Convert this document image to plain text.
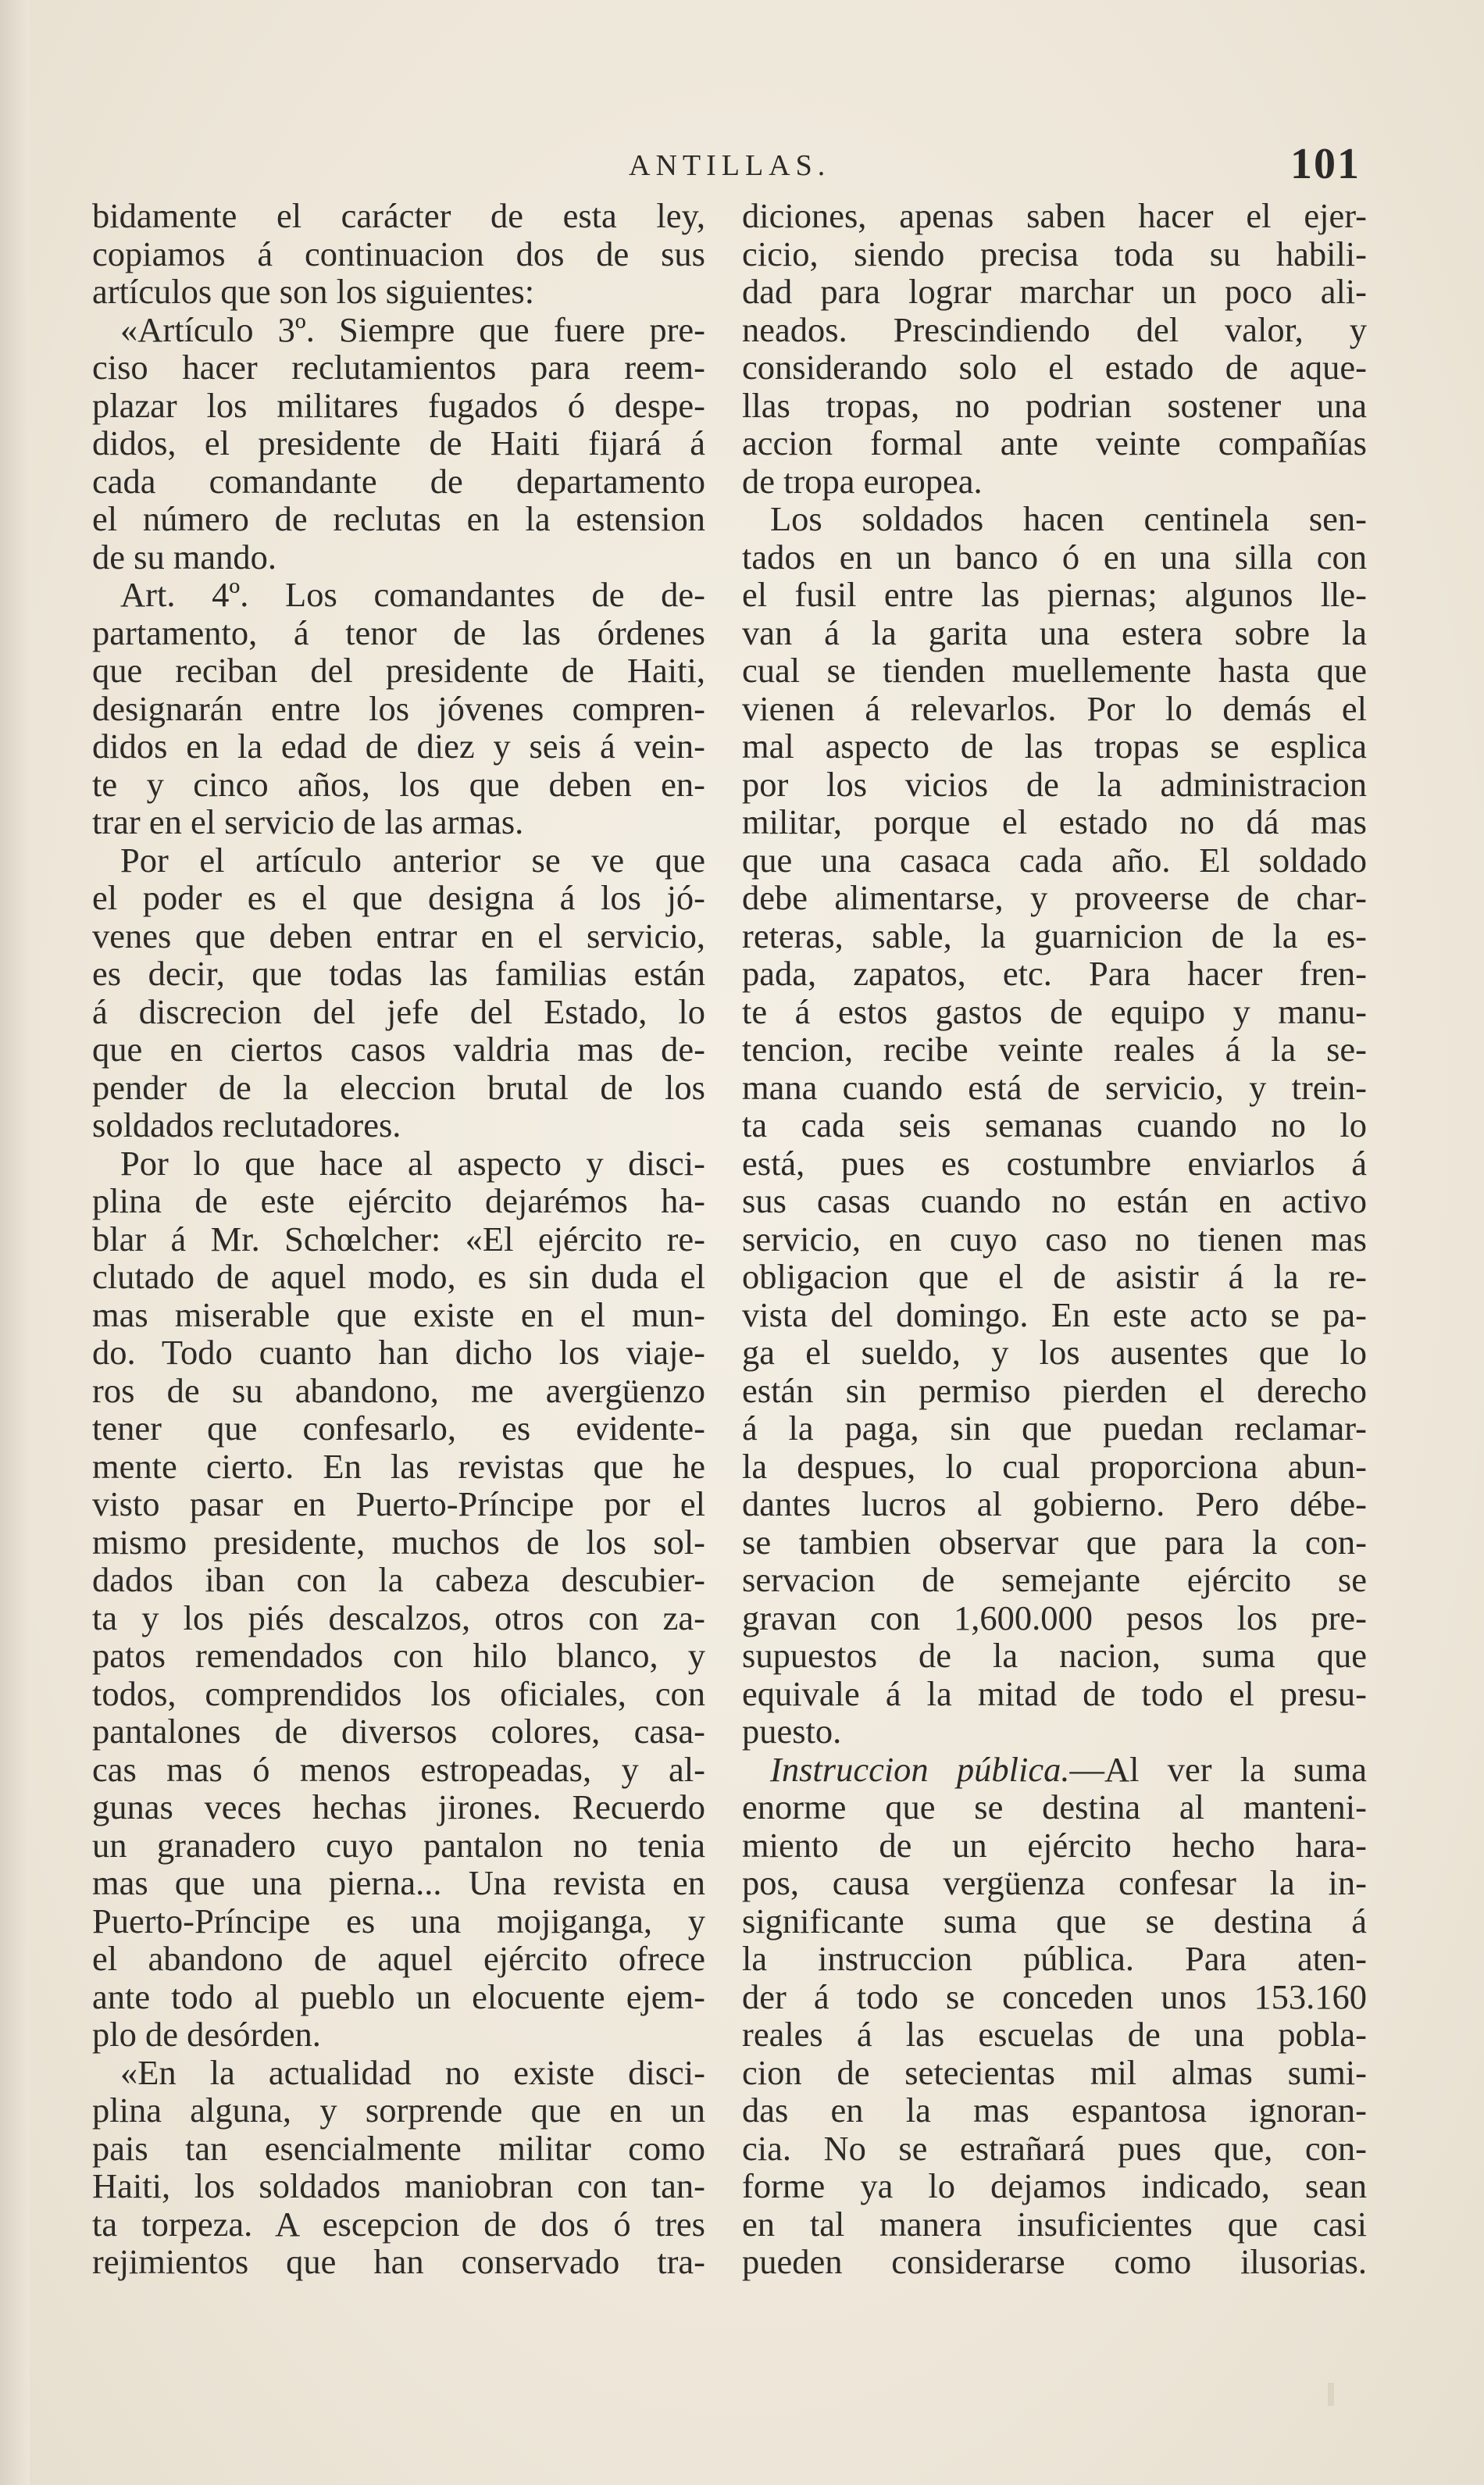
ANTILLAS.	101
bidamente el carácter de esta ley,
copiamos á continuacion dos de sus
artículos que son los siguientes:
«Artículo 3º. Siempre que fuere pre-
ciso hacer reclutamientos para reem-
plazar los militares fugados ó despe-
didos, el presidente de Haiti fijará á
cada comandante de departamento
el número de reclutas en la estension
de su mando.
Art. 4º. Los comandantes de de-
partamento, á tenor de las órdenes
que reciban del presidente de Haiti,
designarán entre los jóvenes compren-
didos en la edad de diez y seis á vein-
te y cinco años, los que deben en-
trar en el servicio de las armas.
Por el artículo anterior se ve que
el poder es el que designa á los jó-
venes que deben entrar en el servicio,
es decir, que todas las familias están
á discrecion del jefe del Estado, lo
que en ciertos casos valdria mas de-
pender de la eleccion brutal de los
soldados reclutadores.
Por lo que hace al aspecto y disci-
plina de este ejército dejarémos ha-
blar á Mr. Schœlcher: «El ejército re-
clutado de aquel modo, es sin duda el
mas miserable que existe en el mun-
do. Todo cuanto han dicho los viaje-
ros de su abandono, me avergüenzo
tener que confesarlo, es evidente-
mente cierto. En las revistas que he
visto pasar en Puerto-Príncipe por el
mismo presidente, muchos de los sol-
dados iban con la cabeza descubier-
ta y los piés descalzos, otros con za-
patos remendados con hilo blanco, y
todos, comprendidos los oficiales, con
pantalones de diversos colores, casa-
cas mas ó menos estropeadas, y al-
gunas veces hechas jirones. Recuerdo
un granadero cuyo pantalon no tenia
mas que una pierna... Una revista en
Puerto-Príncipe es una mojiganga, y
el abandono de aquel ejército ofrece
ante todo al pueblo un elocuente ejem-
plo de desórden.
«En la actualidad no existe disci-
plina alguna, y sorprende que en un
pais tan esencialmente militar como
Haiti, los soldados maniobran con tan-
ta torpeza. A escepcion de dos ó tres
rejimientos que han conservado tra-
diciones, apenas saben hacer el ejer-
cicio, siendo precisa toda su habili-
dad para lograr marchar un poco ali-
neados. Prescindiendo del valor, y
considerando solo el estado de aque-
llas tropas, no podrian sostener una
accion formal ante veinte compañías
de tropa europea.
Los soldados hacen centinela sen-
tados en un banco ó en una silla con
el fusil entre las piernas; algunos lle-
van á la garita una estera sobre la
cual se tienden muellemente hasta que
vienen á relevarlos. Por lo demás el
mal aspecto de las tropas se esplica
por los vicios de la administracion
militar, porque el estado no dá mas
que una casaca cada año. El soldado
debe alimentarse, y proveerse de char-
reteras, sable, la guarnicion de la es-
pada, zapatos, etc. Para hacer fren-
te á estos gastos de equipo y manu-
tencion, recibe veinte reales á la se-
mana cuando está de servicio, y trein-
ta cada seis semanas cuando no lo
está, pues es costumbre enviarlos á
sus casas cuando no están en activo
servicio, en cuyo caso no tienen mas
obligacion que el de asistir á la re-
vista del domingo. En este acto se pa-
ga el sueldo, y los ausentes que lo
están sin permiso pierden el derecho
á la paga, sin que puedan reclamar-
la despues, lo cual proporciona abun-
dantes lucros al gobierno. Pero débe-
se tambien observar que para la con-
servacion de semejante ejército se
gravan con 1,600.000 pesos los pre-
supuestos de la nacion, suma que
equivale á la mitad de todo el presu-
puesto.
Instruccion pública.—Al ver la suma
enorme que se destina al manteni-
miento de un ejército hecho hara-
pos, causa vergüenza confesar la in-
significante suma que se destina á
la instruccion pública. Para aten-
der á todo se conceden unos 153.160
reales á las escuelas de una pobla-
cion de setecientas mil almas sumi-
das en la mas espantosa ignoran-
cia. No se estrañará pues que, con-
forme ya lo dejamos indicado, sean
en tal manera insuficientes que casi
pueden considerarse como ilusorias.
